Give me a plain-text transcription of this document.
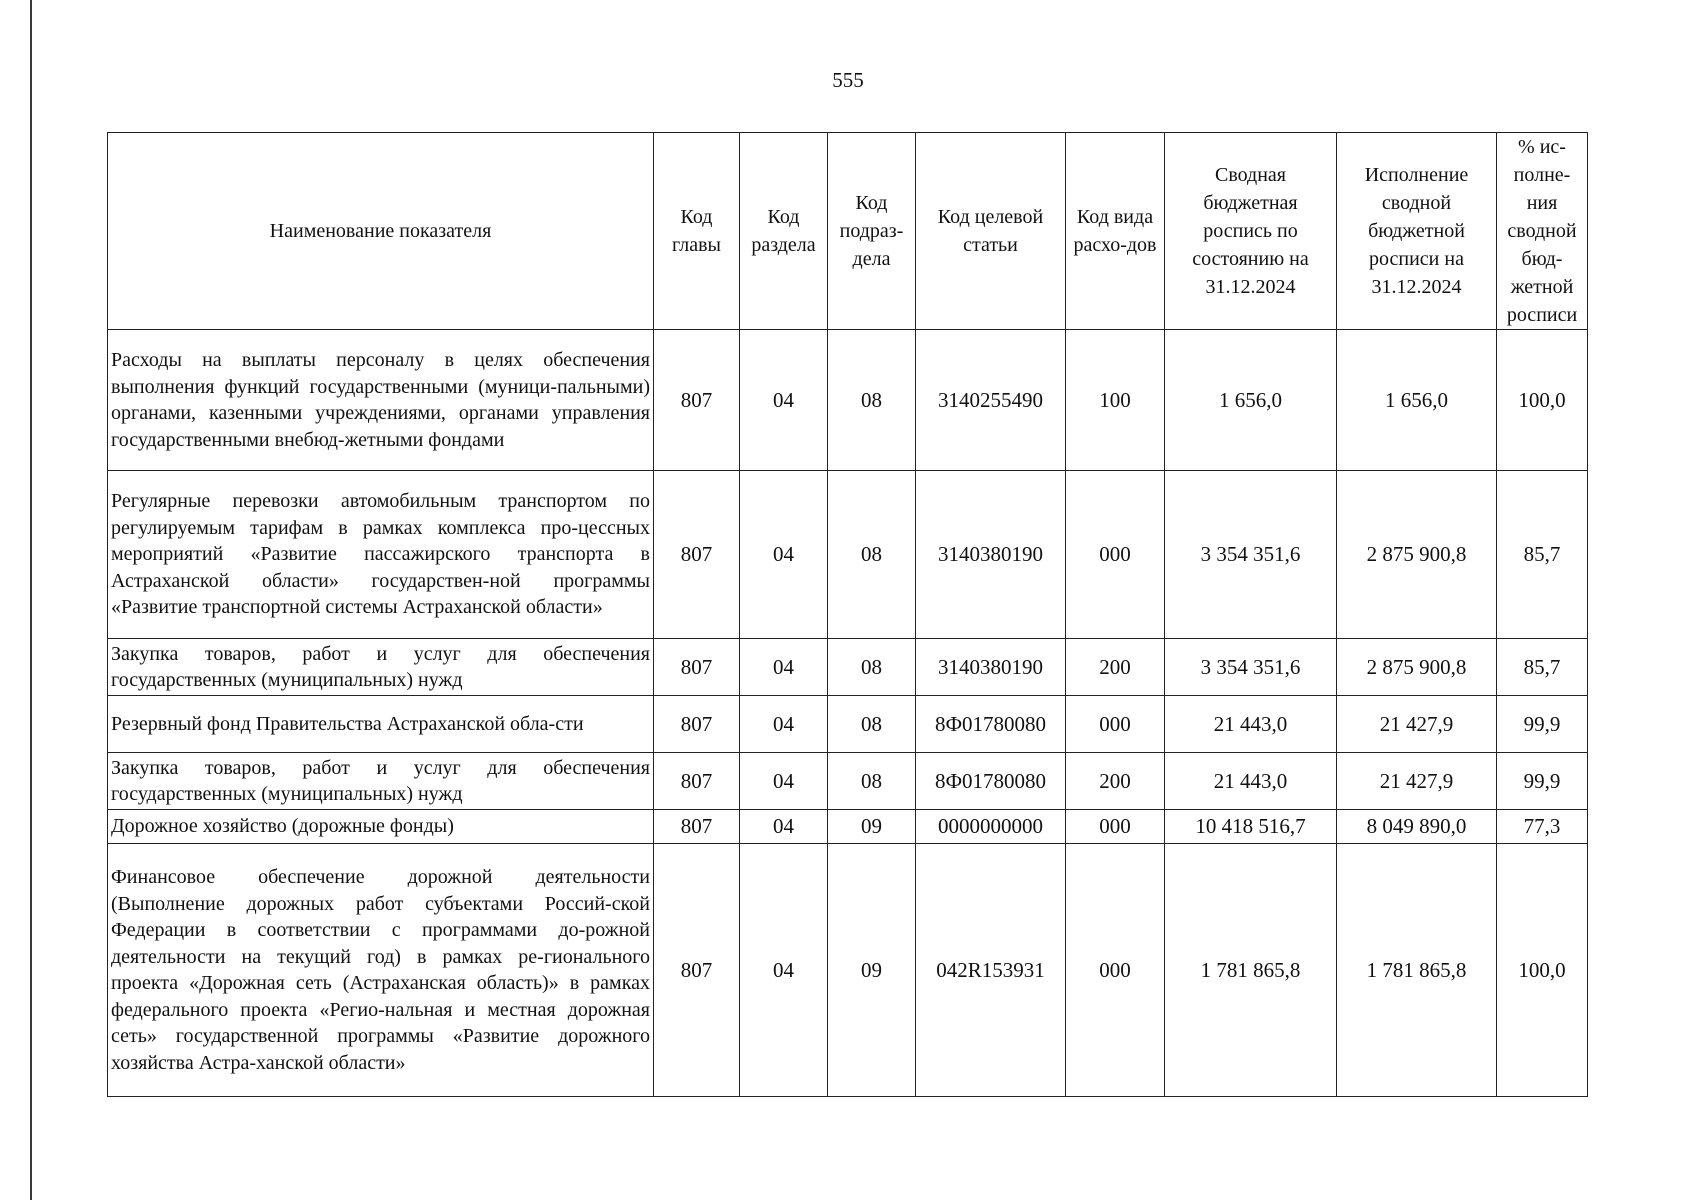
555
Наименование показателя	Код главы	Код раздела	Код подраз-дела	Код целевой статьи	Код вида расхо-дов	Сводная бюджетная роспись по состоянию на 31.12.2024	Исполнение сводной бюджетной росписи на 31.12.2024	% ис-полне-ния сводной бюд-жетной росписи
Расходы на выплаты персоналу в целях обеспечения выполнения функций государственными (муници-пальными) органами, казенными учреждениями, органами управления государственными внебюд-жетными фондами	807	04	08	3140255490	100	1 656,0	1 656,0	100,0
Регулярные перевозки автомобильным транспортом по регулируемым тарифам в рамках комплекса про-цессных мероприятий «Развитие пассажирского транспорта в Астраханской области» государствен-ной программы «Развитие транспортной системы Астраханской области»	807	04	08	3140380190	000	3 354 351,6	2 875 900,8	85,7
Закупка товаров, работ и услуг для обеспечения государственных (муниципальных) нужд	807	04	08	3140380190	200	3 354 351,6	2 875 900,8	85,7
Резервный фонд Правительства Астраханской обла-сти	807	04	08	8Ф01780080	000	21 443,0	21 427,9	99,9
Закупка товаров, работ и услуг для обеспечения государственных (муниципальных) нужд	807	04	08	8Ф01780080	200	21 443,0	21 427,9	99,9
Дорожное хозяйство (дорожные фонды)	807	04	09	0000000000	000	10 418 516,7	8 049 890,0	77,3
Финансовое обеспечение дорожной деятельности (Выполнение дорожных работ субъектами Россий-ской Федерации в соответствии с программами до-рожной деятельности на текущий год) в рамках ре-гионального проекта «Дорожная сеть (Астраханская область)» в рамках федерального проекта «Регио-нальная и местная дорожная сеть» государственной программы «Развитие дорожного хозяйства Астра-ханской области»	807	04	09	042R153931	000	1 781 865,8	1 781 865,8	100,0
